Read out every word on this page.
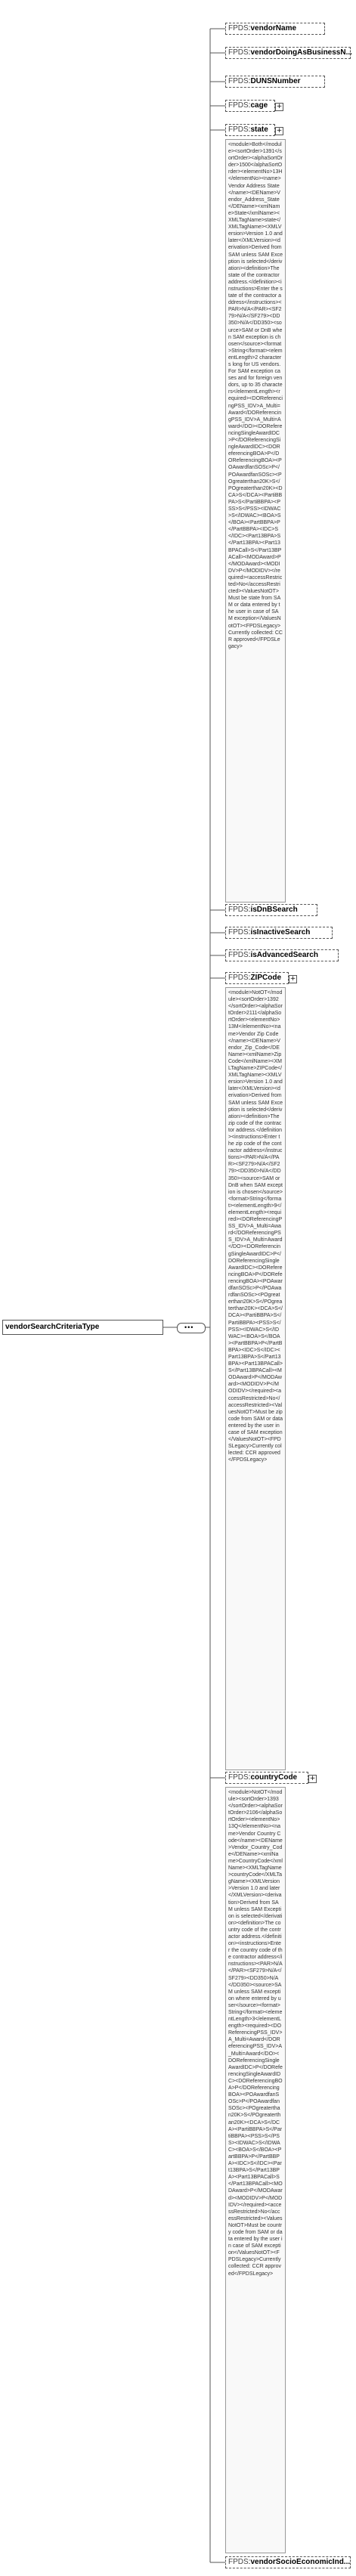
vendorSearchCriteriaType	•••
FPDS:vendorName
FPDS:vendorDoingAsBusinessN...
FPDS:DUNSNumber
FPDS:cage +
FPDS:state +
<module>Both</module><sortOrder>1391</sortOrder><alphaSortOrder>1500</alphaSortOrder><elementNo>13H</elementNo><name>Vendor Address State</name><DEName>Vendor_Address_State</DEName><xmlName>State</xmlName><XMLTagName>state</XMLTagName><XMLVersion>Version 1.0 and later</XMLVersion><derivation>Derived from SAM unless SAM Exception is selected</derivation><definition>The state of the contractor address.</definition><instructions>Enter the state of the contractor address</instructions><PAR>N/A</PAR><SF279>N/A</SF279><DD350>N/A</DD350><source>SAM or DnB when SAM exception is chosen</source><format>String</format><elementLength>2 characters long for US vendors. For SAM exception cases and for foreign vendors, up to 35 characters</elementLength><required><DOReferencingPSS_IDV>A_Multi=Award</DOReferencingPSS_IDV>A_Multi=Award</DO><DOReferencingSingleAwardIDC>P</DOReferencingSingleAwardIDC><DOReferencingBOA>P</DOReferencingBOA><POAwardfanSOSc>P</POAwardfanSOSc><POgreaterthan20K>S</POgreaterthan20K><DCA>S</DCA><PartiBBPA>S</PartiBBPA><PSS>S</PSS><IDWAC>S</IDWAC><BOA>S</BOA><PartBBPA>P</PartBBPA><IDC>S</IDC><Part13BPA>S</Part13BPA><Part13BPACall>S</Part13BPACall><MODAward>P</MODAward><MODIDV>P</MODIDV></required><accessRestricted>No</accessRestricted><ValuesNotOT>Must be state from SAM or data entered by the user in case of SAM exception</ValuesNotOT><FPDSLegacy>Currently collected: CCR approved</FPDSLegacy>
FPDS:isDnBSearch
FPDS:isInactiveSearch
FPDS:isAdvancedSearch
FPDS:ZIPCode +
<module>NotOT</module><sortOrder>1392</sortOrder><alphaSortOrder>2111</alphaSortOrder><elementNo>13M</elementNo><name>Vendor Zip Code</name><DEName>Vendor_Zip_Code</DEName><xmlName>ZipCode</xmlName><XMLTagName>ZIPCode</XMLTagName><XMLVersion>Version 1.0 and later</XMLVersion><derivation>Derived from SAM unless SAM Exception is selected</derivation><definition>The zip code of the contractor address.</definition><instructions>Enter the zip code of the contractor address</instructions><PAR>N/A</PAR><SF279>N/A</SF279><DD350>N/A</DD350><source>SAM or DnB when SAM exception is chosen</source><format>String</format><elementLength>9</elementLength><required><DOReferencingPSS_IDV>A_Multi=Award</DOReferencingPSS_IDV>A_Multi=Award</DO><DOReferencingSingleAwardIDC>P</DOReferencingSingleAwardIDC><DOReferencingBOA>P</DOReferencingBOA><POAwardfanSOSc>P</POAwardfanSOSc><POgreaterthan20K>S</POgreaterthan20K><DCA>S</DCA><PartiBBPA>S</PartiBBPA><PSS>S</PSS><IDWAC>S</IDWAC><BOA>S</BOA><PartBBPA>P</PartBBPA><IDC>S</IDC><Part13BPA>S</Part13BPA><Part13BPACall>S</Part13BPACall><MODAward>P</MODAward><MODIDV>P</MODIDV></required><accessRestricted>No</accessRestricted><ValuesNotOT>Must be zip code from SAM or data entered by the user in case of SAM exception</ValuesNotOT><FPDSLegacy>Currently collected: CCR approved</FPDSLegacy>
FPDS:countryCode +
<module>NotOT</module><sortOrder>1393</sortOrder><alphaSortOrder>2106</alphaSortOrder><elementNo>13Q</elementNo><name>Vendor Country Code</name><DEName>Vendor_Country_Code</DEName><xmlName>CountryCode</xmlName><XMLTagName>countryCode</XMLTagName><XMLVersion>Version 1.0 and later</XMLVersion><derivation>Derived from SAM unless SAM Exception is selected</derivation><definition>The country code of the contractor address.</definition><instructions>Enter the country code of the contractor address</instructions><PAR>N/A</PAR><SF279>N/A</SF279><DD350>N/A</DD350><source>SAM unless SAM exception where entered by user</source><format>String</format><elementLength>3</elementLength><required><DOReferencingPSS_IDV>A_Multi=Award</DOReferencingPSS_IDV>A_Multi=Award</DO><DOReferencingSingleAwardIDC>P</DOReferencingSingleAwardIDC><DOReferencingBOA>P</DOReferencingBOA><POAwardfanSOSc>P</POAwardfanSOSc><POgreaterthan20K>S</POgreaterthan20K><DCA>S</DCA><PartiBBPA>S</PartiBBPA><PSS>S</PSS><IDWAC>S</IDWAC><BOA>S</BOA><PartBBPA>P</PartBBPA><IDC>S</IDC><Part13BPA>S</Part13BPA><Part13BPACall>S</Part13BPACall><MODAward>P</MODAward><MODIDV>P</MODIDV></required><accessRestricted>No</accessRestricted><ValuesNotOT>Must be country code from SAM or data entered by the user in case of SAM exception</ValuesNotOT><FPDSLegacy>Currently collected: CCR approved</FPDSLegacy>
FPDS:vendorSocioEconomicInd...
